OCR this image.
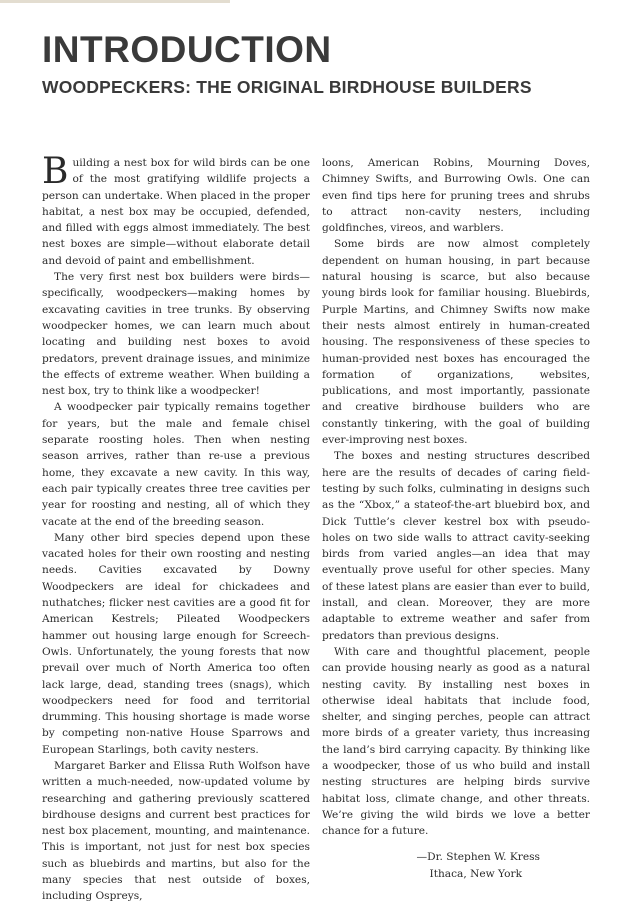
INTRODUCTION
WOODPECKERS: THE ORIGINAL BIRDHOUSE BUILDERS

Building a nest box for wild birds can be one of the most gratifying wildlife projects a person can undertake. When placed in the proper habitat, a nest box may be occupied, defended, and filled with eggs almost immediately. The best nest boxes are simple—without elaborate detail and devoid of paint and embellishment.

The very first nest box builders were birds—specifically, woodpeckers—making homes by excavating cavities in tree trunks. By observing woodpecker homes, we can learn much about locating and building nest boxes to avoid predators, prevent drainage issues, and minimize the effects of extreme weather. When building a nest box, try to think like a woodpecker!

A woodpecker pair typically remains together for years, but the male and female chisel separate roosting holes. Then when nesting season arrives, rather than re-use a previous home, they excavate a new cavity. In this way, each pair typically creates three tree cavities per year for roosting and nesting, all of which they vacate at the end of the breeding season.

Many other bird species depend upon these vacated holes for their own roosting and nesting needs. Cavities excavated by Downy Woodpeckers are ideal for chickadees and nuthatches; flicker nest cavities are a good fit for American Kestrels; Pileated Woodpeckers hammer out housing large enough for Screech-Owls. Unfortunately, the young forests that now prevail over much of North America too often lack large, dead, standing trees (snags), which woodpeckers need for food and territorial drumming. This housing shortage is made worse by competing non-native House Sparrows and European Starlings, both cavity nesters.

Margaret Barker and Elissa Ruth Wolfson have written a much-needed, now-updated volume by researching and gathering previously scattered birdhouse designs and current best practices for nest box placement, mounting, and maintenance. This is important, not just for nest box species such as bluebirds and martins, but also for the many species that nest outside of boxes, including Ospreys,

loons, American Robins, Mourning Doves, Chimney Swifts, and Burrowing Owls. One can even find tips here for pruning trees and shrubs to attract non-cavity nesters, including goldfinches, vireos, and warblers.

Some birds are now almost completely dependent on human housing, in part because natural housing is scarce, but also because young birds look for familiar housing. Bluebirds, Purple Martins, and Chimney Swifts now make their nests almost entirely in human-created housing. The responsiveness of these species to human-provided nest boxes has encouraged the formation of organizations, websites, publications, and most importantly, passionate and creative birdhouse builders who are constantly tinkering, with the goal of building ever-improving nest boxes.

The boxes and nesting structures described here are the results of decades of caring field-testing by such folks, culminating in designs such as the “Xbox,” a stateof-the-art bluebird box, and Dick Tuttle’s clever kestrel box with pseudo-holes on two side walls to attract cavity-seeking birds from varied angles—an idea that may eventually prove useful for other species. Many of these latest plans are easier than ever to build, install, and clean. Moreover, they are more adaptable to extreme weather and safer from predators than previous designs.

With care and thoughtful placement, people can provide housing nearly as good as a natural nesting cavity. By installing nest boxes in otherwise ideal habitats that include food, shelter, and singing perches, people can attract more birds of a greater variety, thus increasing the land’s bird carrying capacity. By thinking like a woodpecker, those of us who build and install nesting structures are helping birds survive habitat loss, climate change, and other threats. We’re giving the wild birds we love a better chance for a future.

—Dr. Stephen W. Kress
Ithaca, New York
